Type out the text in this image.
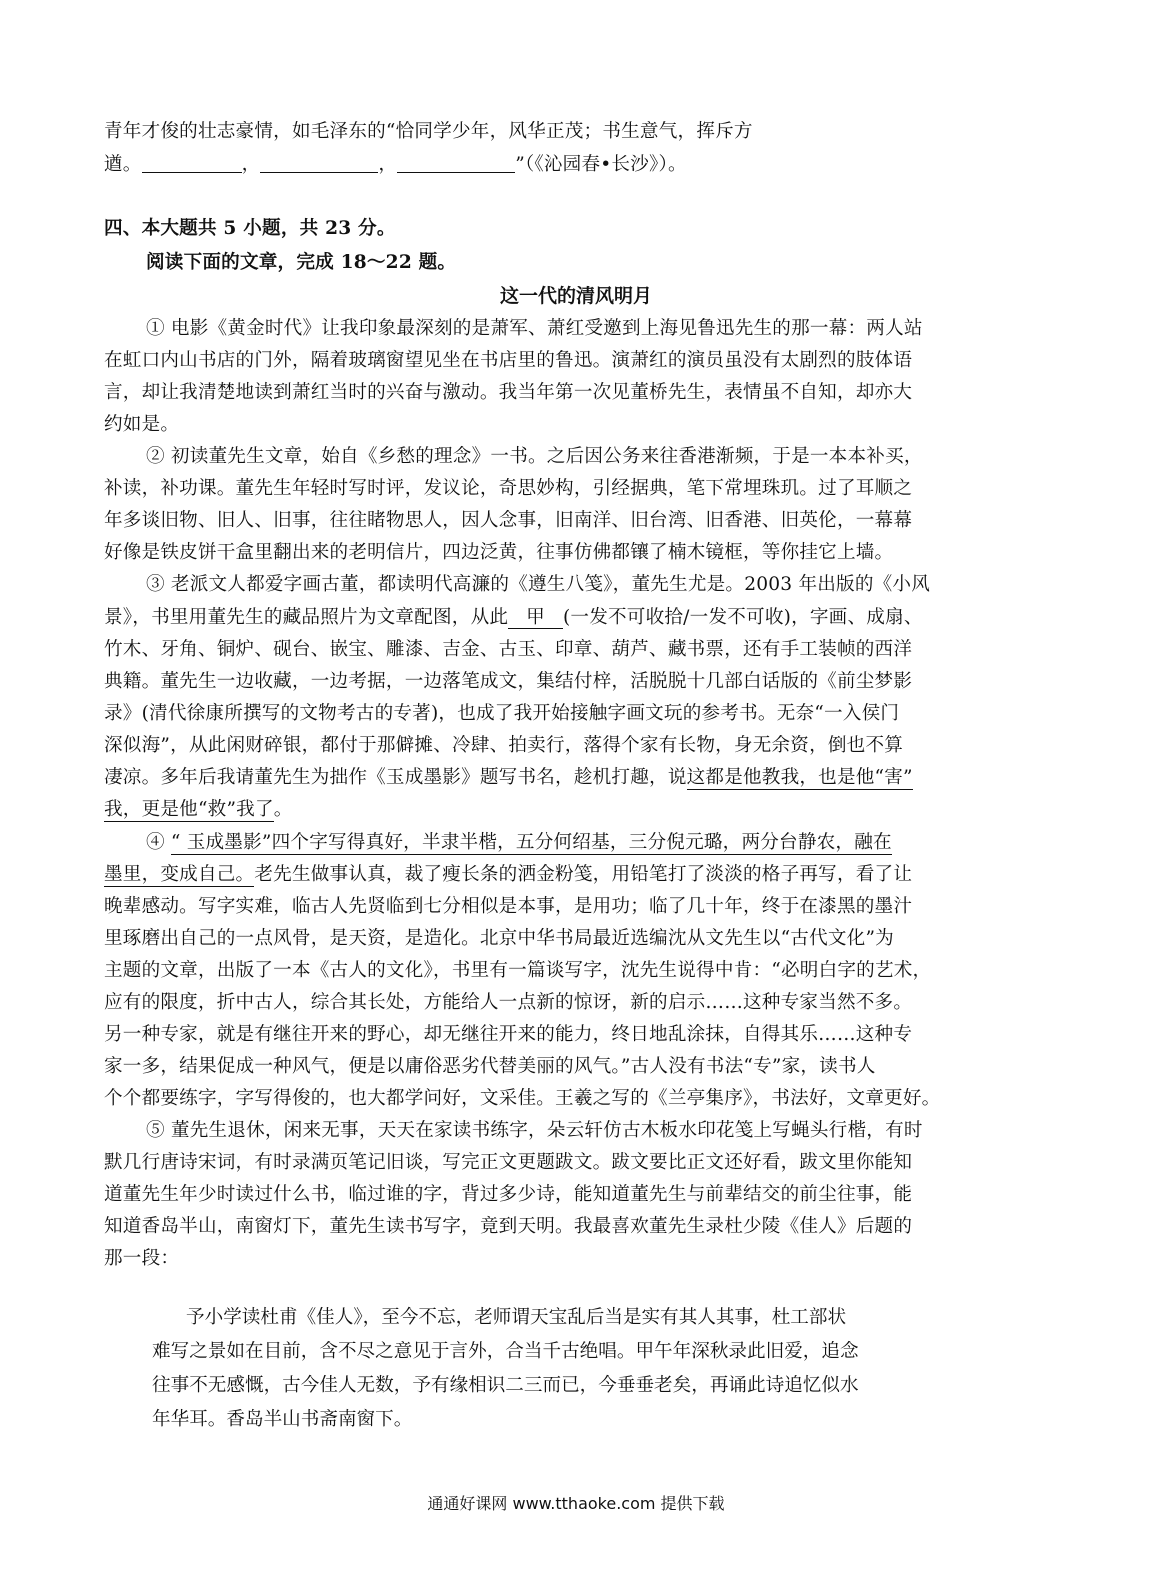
青年才俊的壮志豪情，如毛泽东的“恰同学少年，风华正茂；书生意气，挥斥方
遒。	，	，	”（《沁园春•长沙》）。
四、本大题共 5 小题，共 23 分。
阅读下面的文章，完成 18～22 题。
这一代的清风明月
① 电影《黄金时代》让我印象最深刻的是萧军、萧红受邀到上海见鲁迅先生的那一幕：两人站
在虹口内山书店的门外，隔着玻璃窗望见坐在书店里的鲁迅。演萧红的演员虽没有太剧烈的肢体语
言，却让我清楚地读到萧红当时的兴奋与激动。我当年第一次见董桥先生，表情虽不自知，却亦大
约如是。
② 初读董先生文章，始自《乡愁的理念》一书。之后因公务来往香港渐频，于是一本本补买，
补读，补功课。董先生年轻时写时评，发议论，奇思妙构，引经据典，笔下常埋珠玑。过了耳顺之
年多谈旧物、旧人、旧事，往往睹物思人，因人念事，旧南洋、旧台湾、旧香港、旧英伦，一幕幕
好像是铁皮饼干盒里翻出来的老明信片，四边泛黄，往事仿佛都镶了楠木镜框，等你挂它上墙。
③ 老派文人都爱字画古董，都读明代高濂的《遵生八笺》，董先生尤是。2003 年出版的《小风
景》，书里用董先生的藏品照片为文章配图，从此 甲 (一发不可收拾/一发不可收)，字画、成扇、
竹木、牙角、铜炉、砚台、嵌宝、雕漆、吉金、古玉、印章、葫芦、藏书票，还有手工装帧的西洋
典籍。董先生一边收藏，一边考据，一边落笔成文，集结付梓，活脱脱十几部白话版的《前尘梦影
录》(清代徐康所撰写的文物考古的专著)，也成了我开始接触字画文玩的参考书。无奈“一入侯门
深似海”，从此闲财碎银，都付于那僻摊、冷肆、拍卖行，落得个家有长物，身无余资，倒也不算
凄凉。多年后我请董先生为拙作《玉成墨影》题写书名，趁机打趣，说这都是他教我，也是他“害”
我，更是他“救”我了。
④ “ 玉成墨影”四个字写得真好，半隶半楷，五分何绍基，三分倪元璐，两分台静农，融在
墨里，变成自己。老先生做事认真，裁了瘦长条的洒金粉笺，用铅笔打了淡淡的格子再写，看了让
晚辈感动。写字实难，临古人先贤临到七分相似是本事，是用功；临了几十年，终于在漆黑的墨汁
里琢磨出自己的一点风骨，是天资，是造化。北京中华书局最近选编沈从文先生以“古代文化”为
主题的文章，出版了一本《古人的文化》，书里有一篇谈写字，沈先生说得中肯：“必明白字的艺术，
应有的限度，折中古人，综合其长处，方能给人一点新的惊讶，新的启示……这种专家当然不多。
另一种专家，就是有继往开来的野心，却无继往开来的能力，终日地乱涂抹，自得其乐……这种专
家一多，结果促成一种风气，便是以庸俗恶劣代替美丽的风气。”古人没有书法“专”家，读书人
个个都要练字，字写得俊的，也大都学问好，文采佳。王羲之写的《兰亭集序》，书法好，文章更好。
⑤ 董先生退休，闲来无事，天天在家读书练字，朵云轩仿古木板水印花笺上写蝇头行楷，有时
默几行唐诗宋词，有时录满页笔记旧谈，写完正文更题跋文。跋文要比正文还好看，跋文里你能知
道董先生年少时读过什么书，临过谁的字，背过多少诗，能知道董先生与前辈结交的前尘往事，能
知道香岛半山，南窗灯下，董先生读书写字，竟到天明。我最喜欢董先生录杜少陵《佳人》后题的
那一段：
予小学读杜甫《佳人》，至今不忘，老师谓天宝乱后当是实有其人其事，杜工部状
难写之景如在目前，含不尽之意见于言外，合当千古绝唱。甲午年深秋录此旧爱，追念
往事不无感慨，古今佳人无数，予有缘相识二三而已，今垂垂老矣，再诵此诗追忆似水
年华耳。香岛半山书斋南窗下。
通通好课网 www.tthaoke.com 提供下载
